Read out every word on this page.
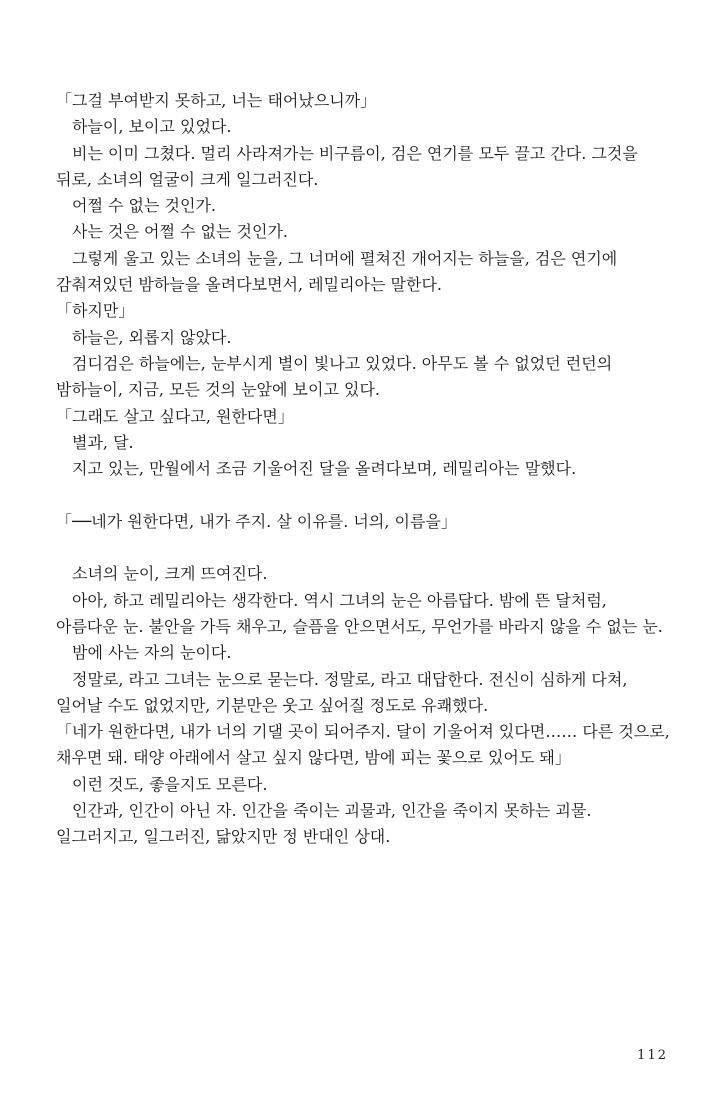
「그걸 부여받지 못하고, 너는 태어났으니까」

하늘이, 보이고 있었다.

비는 이미 그쳤다. 멀리 사라져가는 비구름이, 검은 연기를 모두 끌고 간다. 그것을 뒤로, 소녀의 얼굴이 크게 일그러진다.

어쩔 수 없는 것인가.

사는 것은 어쩔 수 없는 것인가.

그렇게 울고 있는 소녀의 눈을, 그 너머에 펼쳐진 개어지는 하늘을, 검은 연기에 감춰져있던 밤하늘을 올려다보면서, 레밀리아는 말한다.

「하지만」

하늘은, 외롭지 않았다.

검디검은 하늘에는, 눈부시게 별이 빛나고 있었다. 아무도 볼 수 없었던 런던의 밤하늘이, 지금, 모든 것의 눈앞에 보이고 있다.

「그래도 살고 싶다고, 원한다면」

별과, 달.

지고 있는, 만월에서 조금 기울어진 달을 올려다보며, 레밀리아는 말했다.

「──네가 원한다면, 내가 주지. 살 이유를. 너의, 이름을」

소녀의 눈이, 크게 뜨여진다.

아아, 하고 레밀리아는 생각한다. 역시 그녀의 눈은 아름답다. 밤에 뜬 달처럼, 아름다운 눈. 불안을 가득 채우고, 슬픔을 안으면서도, 무언가를 바라지 않을 수 없는 눈.

밤에 사는 자의 눈이다.

정말로, 라고 그녀는 눈으로 묻는다. 정말로, 라고 대답한다. 전신이 심하게 다쳐, 일어날 수도 없었지만, 기분만은 웃고 싶어질 정도로 유쾌했다.

「네가 원한다면, 내가 너의 기댈 곳이 되어주지. 달이 기울어져 있다면…… 다른 것으로, 채우면 돼. 태양 아래에서 살고 싶지 않다면, 밤에 피는 꽃으로 있어도 돼」

이런 것도, 좋을지도 모른다.

인간과, 인간이 아닌 자. 인간을 죽이는 괴물과, 인간을 죽이지 못하는 괴물. 일그러지고, 일그러진, 닮았지만 정 반대인 상대.

112
